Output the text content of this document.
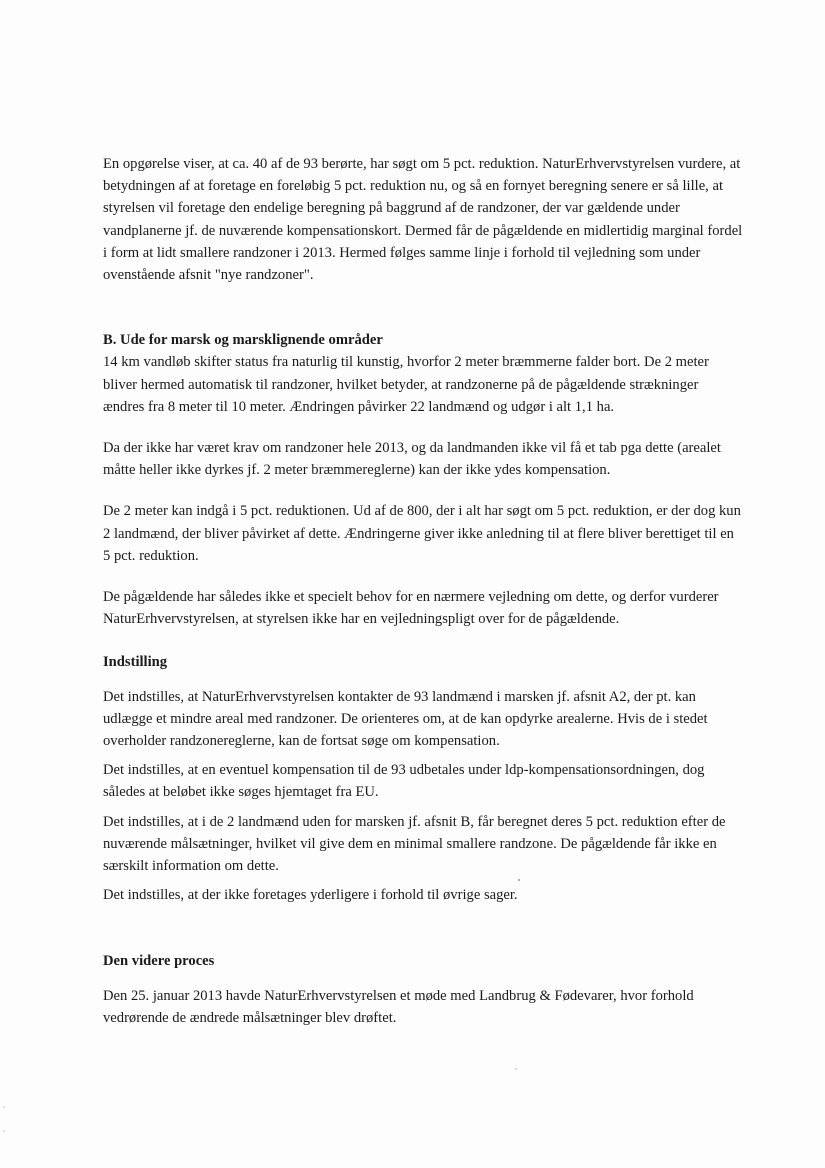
En opgørelse viser, at ca. 40 af de 93 berørte, har søgt om 5 pct. reduktion. NaturErhvervstyrelsen vurdere, at betydningen af at foretage en foreløbig 5 pct. reduktion nu, og så en fornyet beregning senere er så lille, at styrelsen vil foretage den endelige beregning på baggrund af de randzoner, der var gældende under vandplanerne jf. de nuværende kompensationskort. Dermed får de pågældende en midlertidig marginal fordel i form at lidt smallere randzoner i 2013. Hermed følges samme linje i forhold til vejledning som under ovenstående afsnit "nye randzoner".

B. Ude for marsk og marsklignende områder

14 km vandløb skifter status fra naturlig til kunstig, hvorfor 2 meter bræmmerne falder bort. De 2 meter bliver hermed automatisk til randzoner, hvilket betyder, at randzonerne på de pågældende strækninger ændres fra 8 meter til 10 meter. Ændringen påvirker 22 landmænd og udgør i alt 1,1 ha.

Da der ikke har været krav om randzoner hele 2013, og da landmanden ikke vil få et tab pga dette (arealet måtte heller ikke dyrkes jf. 2 meter bræmmereglerne) kan der ikke ydes kompensation.

De 2 meter kan indgå i 5 pct. reduktionen. Ud af de 800, der i alt har søgt om 5 pct. reduktion, er der dog kun 2 landmænd, der bliver påvirket af dette. Ændringerne giver ikke anledning til at flere bliver berettiget til en 5 pct. reduktion.

De pågældende har således ikke et specielt behov for en nærmere vejledning om dette, og derfor vurderer NaturErhvervstyrelsen, at styrelsen ikke har en vejledningspligt over for de pågældende.

Indstilling

Det indstilles, at NaturErhvervstyrelsen kontakter de 93 landmænd i marsken jf. afsnit A2, der pt. kan udlægge et mindre areal med randzoner. De orienteres om, at de kan opdyrke arealerne. Hvis de i stedet overholder randzonereglerne, kan de fortsat søge om kompensation.

Det indstilles, at en eventuel kompensation til de 93 udbetales under ldp-kompensationsordningen, dog således at beløbet ikke søges hjemtaget fra EU.

Det indstilles, at i de 2 landmænd uden for marsken jf. afsnit B, får beregnet deres 5 pct. reduktion efter de nuværende målsætninger, hvilket vil give dem en minimal smallere randzone. De pågældende får ikke en særskilt information om dette.

Det indstilles, at der ikke foretages yderligere i forhold til øvrige sager.

Den videre proces

Den 25. januar 2013 havde NaturErhvervstyrelsen et møde med Landbrug & Fødevarer, hvor forhold vedrørende de ændrede målsætninger blev drøftet.
